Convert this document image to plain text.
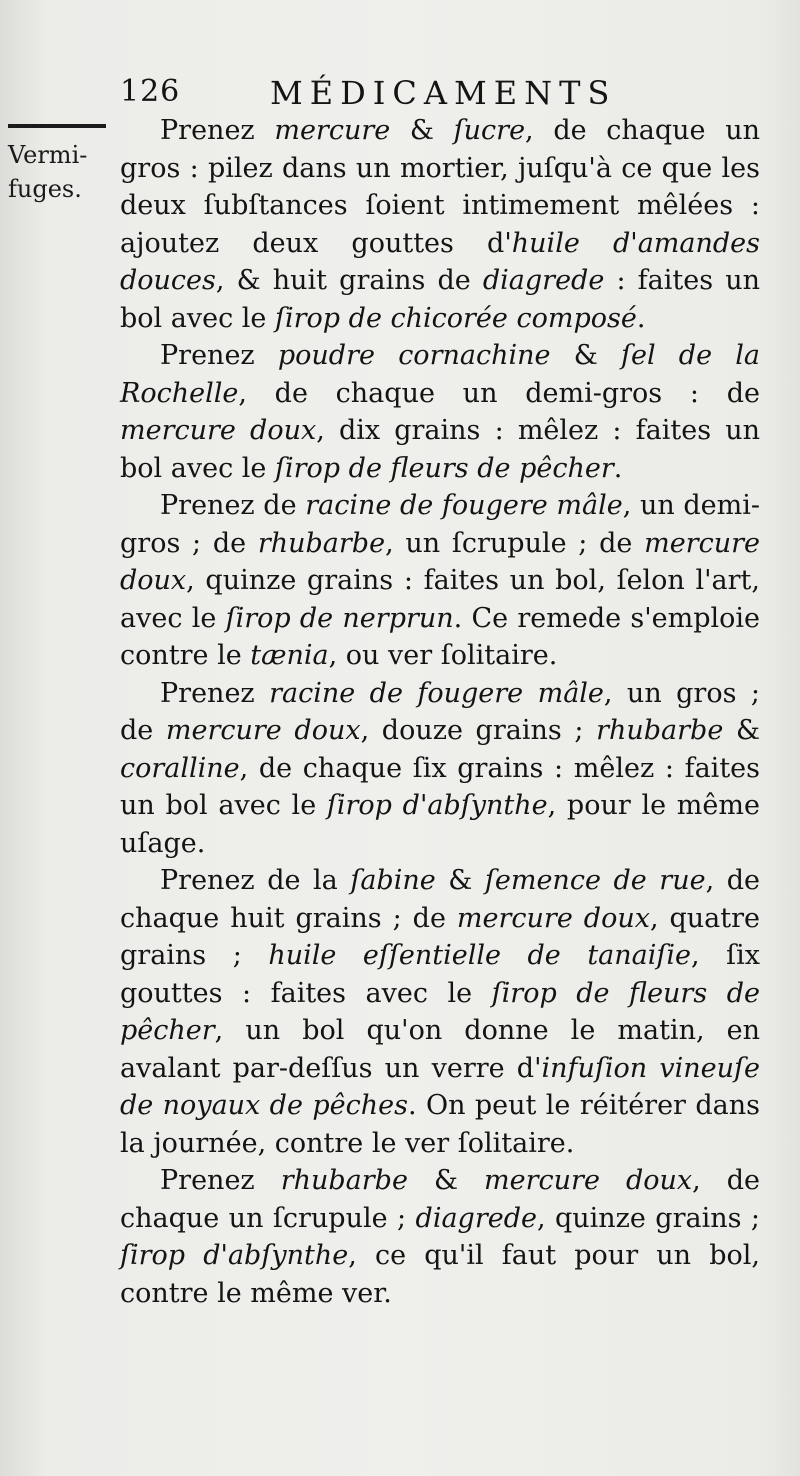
126	MÉDICAMENTS
Vermi-
fuges.

Prenez mercure & ſucre, de chaque un gros : pilez dans un mortier, juſqu'à ce que les deux ſubſtances ſoient intimement mêlées : ajoutez deux gouttes d'huile d'amandes douces, & huit grains de diagrede : faites un bol avec le ſirop de chicorée composé.

Prenez poudre cornachine & ſel de la Rochelle, de chaque un demi-gros : de mercure doux, dix grains : mêlez : faites un bol avec le ſirop de fleurs de pêcher.

Prenez de racine de fougere mâle, un demi-gros ; de rhubarbe, un ſcrupule ; de mercure doux, quinze grains : faites un bol, ſelon l'art, avec le ſirop de nerprun. Ce remede s'emploie contre le tænia, ou ver ſolitaire.

Prenez racine de fougere mâle, un gros ; de mercure doux, douze grains ; rhubarbe & coralline, de chaque ſix grains : mêlez : faites un bol avec le ſirop d'abſynthe, pour le même uſage.

Prenez de la ſabine & ſemence de rue, de chaque huit grains ; de mercure doux, quatre grains ; huile eſſentielle de tanaiſie, ſix gouttes : faites avec le ſirop de fleurs de pêcher, un bol qu'on donne le matin, en avalant par-deſſus un verre d'infuſion vineuſe de noyaux de pêches. On peut le réitérer dans la journée, contre le ver ſolitaire.

Prenez rhubarbe & mercure doux, de chaque un ſcrupule ; diagrede, quinze grains ; ſirop d'abſynthe, ce qu'il faut pour un bol, contre le même ver.
